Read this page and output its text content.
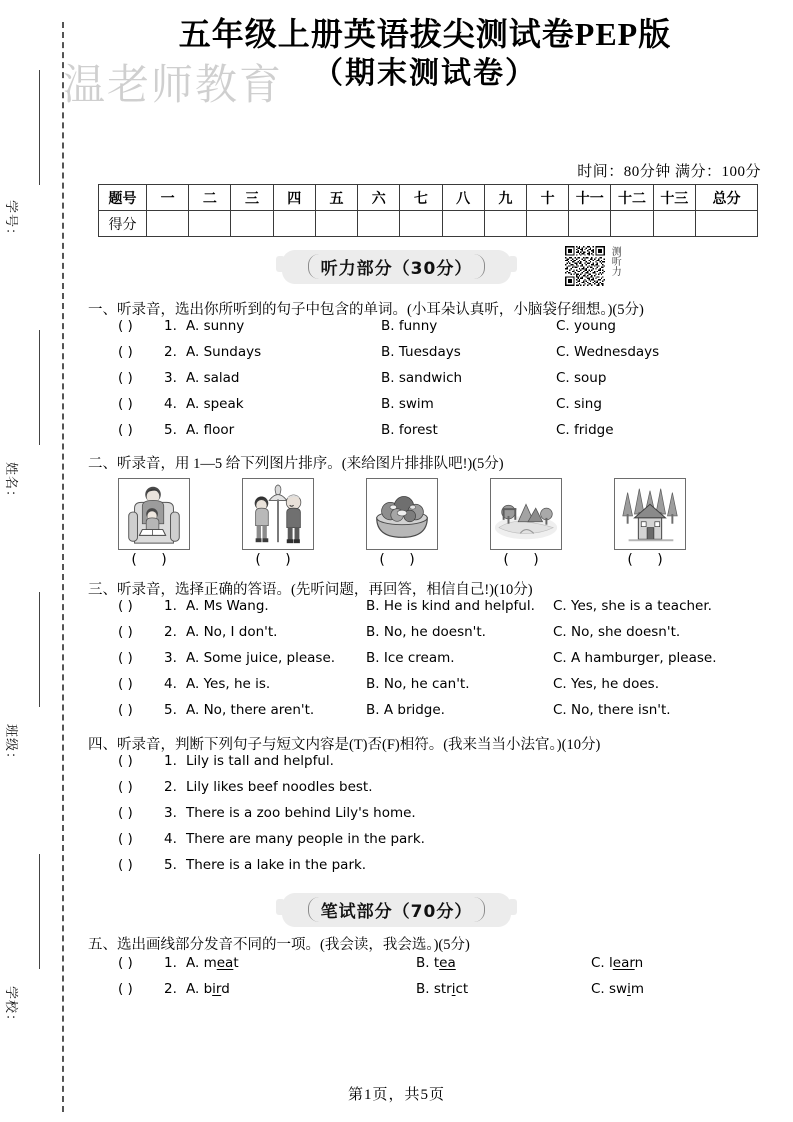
温老师教育
学号：
姓名：
班级：
学校：
五年级上册英语拔尖测试卷PEP版
（期末测试卷）
时间：80分钟 满分：100分
题号	一	二	三	四	五	六	七	八	九	十	十一	十二	十三	总分
得分														
听力部分（30分）	测听力
一、听录音，选出你所听到的句子中包含的单词。(小耳朵认真听，小脑袋仔细想。)(5分)
( )	1. A. sunny	B. funny	C. young
( )	2. A. Sundays	B. Tuesdays	C. Wednesdays
( )	3. A. salad	B. sandwich	C. soup
( )	4. A. speak	B. swim	C. sing
( )	5. A. floor	B. forest	C. fridge
二、听录音，用 1—5 给下列图片排序。(来给图片排排队吧!)(5分)
( )	( )	( )	( )	( )
三、听录音，选择正确的答语。(先听问题，再回答，相信自己!)(10分)
( )	1. A. Ms Wang.	B. He is kind and helpful.	C. Yes, she is a teacher.
( )	2. A. No, I don't.	B. No, he doesn't.	C. No, she doesn't.
( )	3. A. Some juice, please.	B. Ice cream.	C. A hamburger, please.
( )	4. A. Yes, he is.	B. No, he can't.	C. Yes, he does.
( )	5. A. No, there aren't.	B. A bridge.	C. No, there isn't.
四、听录音，判断下列句子与短文内容是(T)否(F)相符。(我来当当小法官。)(10分)
( )	1. Lily is tall and helpful.
( )	2. Lily likes beef noodles best.
( )	3. There is a zoo behind Lily's home.
( )	4. There are many people in the park.
( )	5. There is a lake in the park.
笔试部分（70分）
五、选出画线部分发音不同的一项。(我会读，我会选。)(5分)
( )	1. A. meat	B. tea	C. learn
( )	2. A. bird	B. strict	C. swim
第1页，共5页
